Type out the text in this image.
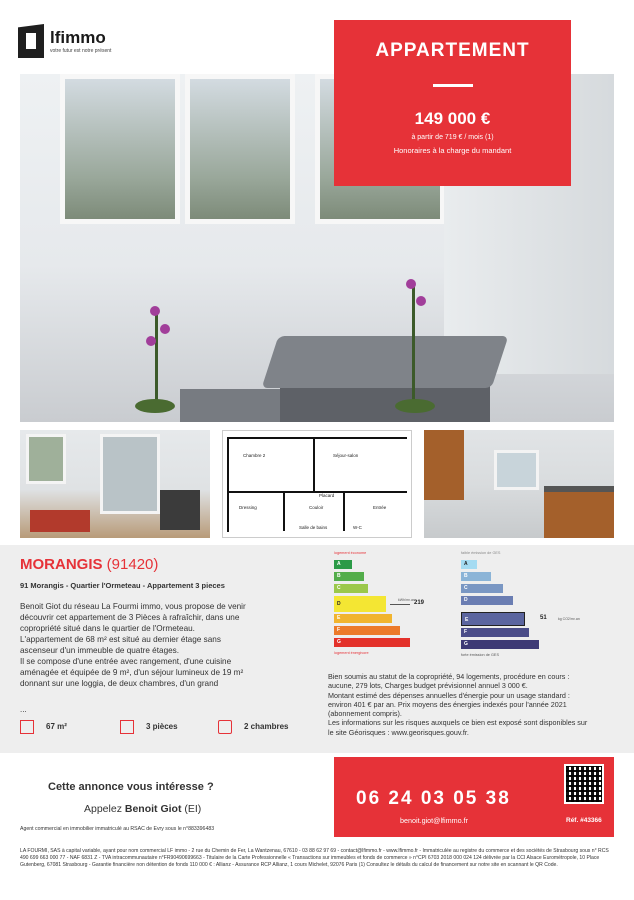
lfimmo
votre futur est notre présent	APPARTEMENT
149 000 €
à partir de 719 € / mois (1)
Honoraires à la charge du mandant
Chambre 2	Séjour-salon
Placard
Dressing	Couloir	Entrée
Salle de bains	W-C
MORANGIS (91420)
91 Morangis - Quartier l'Ormeteau - Appartement 3 pieces

Benoit Giot du réseau La Fourmi immo, vous propose de venir

découvrir cet appartement de 3 Pièces à rafraîchir, dans une

copropriété situé dans le quartier de l'Ormeteau.

L'appartement de 68 m² est situé au dernier étage sans

ascenseur d'un immeuble de quatre étages.

Il se compose d'une entrée avec rangement, d'une cuisine

aménagée et équipée de 9 m², d'un séjour lumineux de 19 m²

donnant sur une loggia, de deux chambres, d'un grand

...
67 m²	3 pièces	2 chambres
logement économe
A
B
C
D
E
F
G
logement énergivore
219
kWh/m².an
faible émission de GES
A
B
C
D
E
F
G
forte émission de GES
51	kg CO2/m².an
Bien soumis au statut de la copropriété, 94 logements, procédure en cours :
aucune, 279 lots, Charges budget prévisionnel annuel 3 000 €.
Montant estimé des dépenses annuelles d'énergie pour un usage standard :
environ 401 € par an. Prix moyens des énergies indexés pour l'année 2021
(abonnement compris).
Les informations sur les risques auxquels ce bien est exposé sont disponibles sur
le site Géorisques : www.georisques.gouv.fr.
Cette annonce vous intéresse ?
Appelez Benoit Giot (EI)	06 24 03 05 38
benoit.giot@lfimmo.fr	Réf. #43366
Agent commercial en immobilier immatriculé au RSAC de Evry sous le n°883396483
LA FOURMI, SAS à capital variable, ayant pour nom commercial LF immo - 2 rue du Chemin de Fer, La Wantzenau, 67610 - 03 88 62 97 69 - contact@lfimmo.fr - www.lfimmo.fr - Immatriculée au registre du commerce et des sociétés de Strasbourg sous n° RCS 490 699 663 000 77 - NAF 6831 Z - TVA intracommunautaire n°FR90490699663 - Titulaire de la Carte Professionnelle « Transactions sur immeubles et fonds de commerce » n°CPI 6703 2018 000 024 124 délivrée par la CCI Alsace Eurométropole, 10 Place Gutenberg, 67081 Strasbourg - Garantie financière non détention de fonds 110 000 € : Allianz - Assurance RCP Allianz, 1 cours Michelet, 92076 Paris (1) Consultez le détails du calcul de financement sur notre site en scannant le QR Code.
